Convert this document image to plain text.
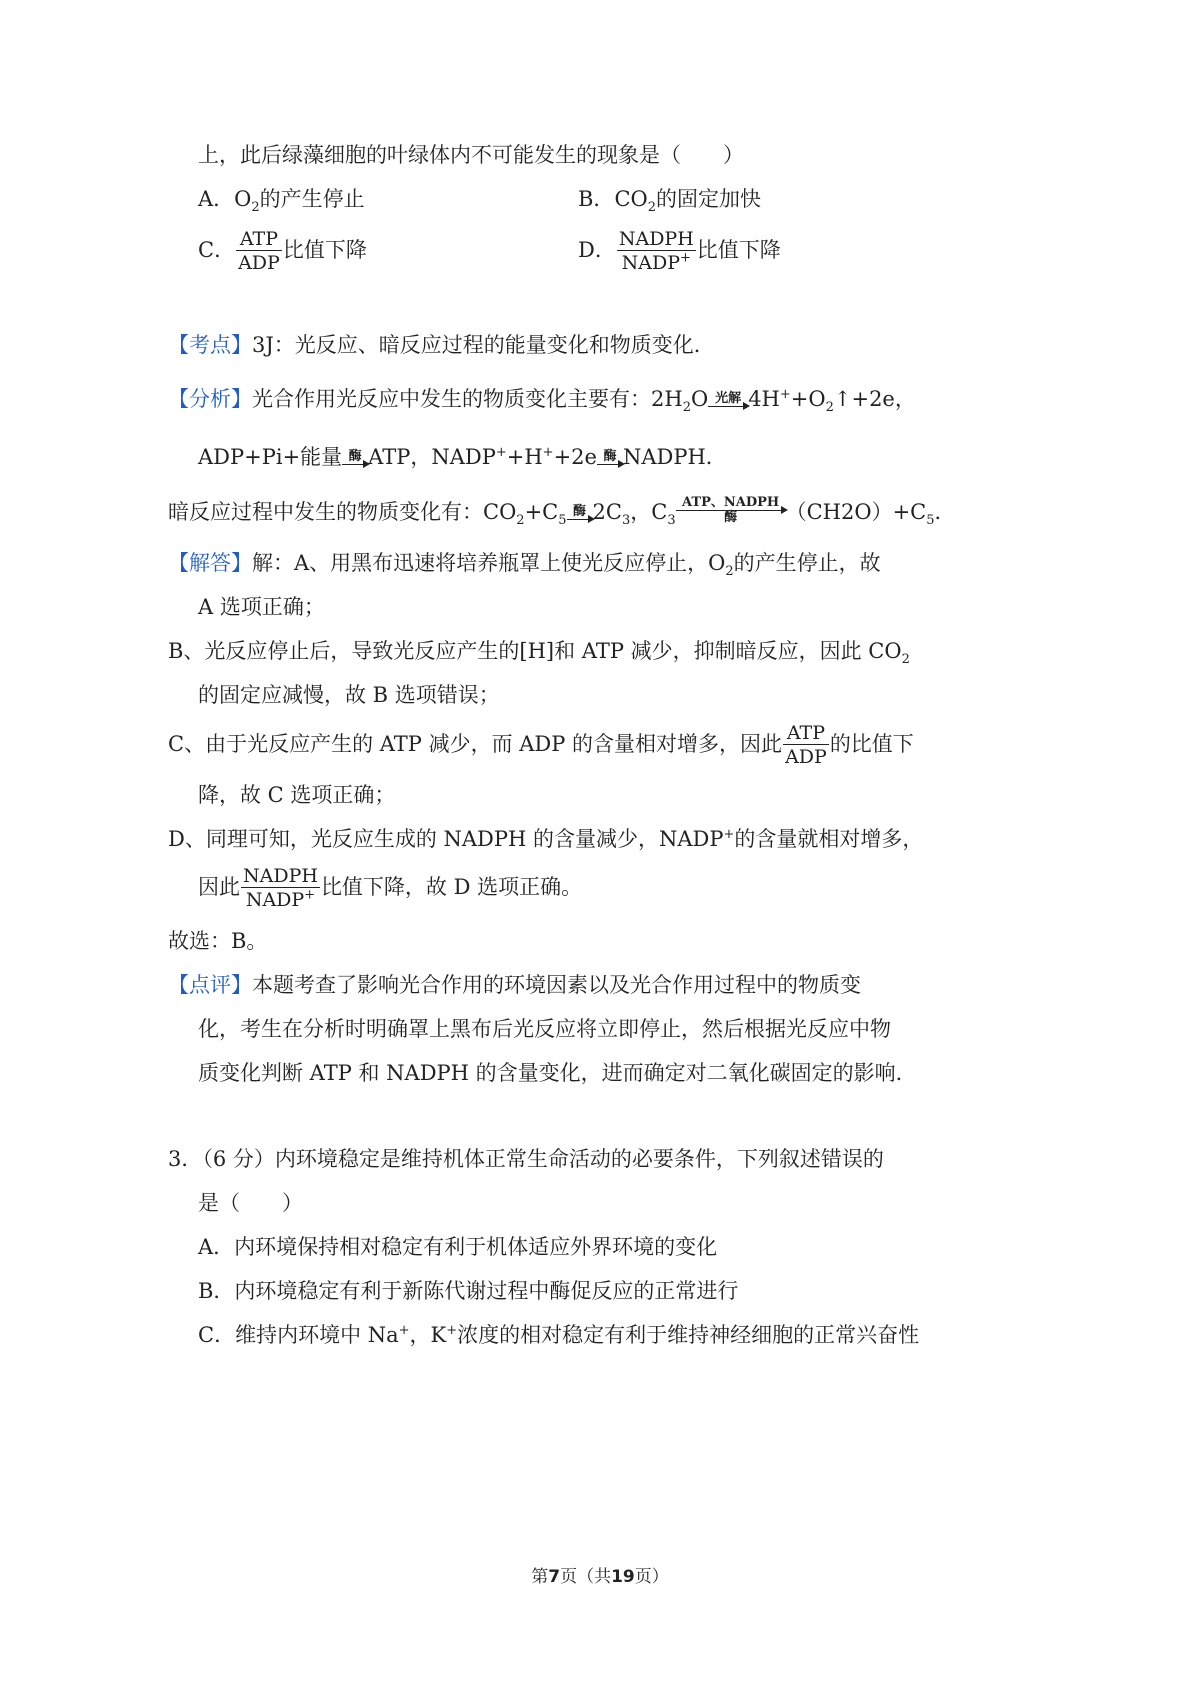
上，此后绿藻细胞的叶绿体内不可能发生的现象是（　　）
A．$O_2$的产生停止	B．$CO_2$的固定加快
C． $\frac{\text{ATP}}{\text{ADP}}$ 比值下降	D． $\frac{\text{NADPH}}{NADP^+}$ 比值下降
【考点】3J：光反应、暗反应过程的能量变化和物质变化．
【分析】光合作用光反应中发生的物质变化主要有：$2H_2O$ 光解 $4H^++O_2↑+2e$，
ADP+Pi+能量 酶 ATP，NADP++H++2e 酶 NADPH．
暗反应过程中发生的物质变化有：$CO_2+C_5$
酶 $2C_3$，$C_3$
ATP、NADPH
酶	$(CH2O)+C_5$．
【解答】解：A、用黑布迅速将培养瓶罩上使光反应停止，$O_2$的产生停止，故
A 选项正确；
B、光反应停止后，导致光反应产生的[H]和 ATP 减少，抑制暗反应，因此 $CO_2$
的固定应减慢，故 B 选项错误；
C、由于光反应产生的 ATP 减少，而 ADP 的含量相对增多，因此 $\frac{\text{ATP}}{\text{ADP}}$ 的比值下
降，故 C 选项正确；
D、同理可知，光反应生成的 NADPH 的含量减少，NADP+的含量就相对增多，
因此 $\frac{\text{NADPH}}{NADP^+}$ 比值下降，故 D 选项正确。
故选：B。
【点评】本题考查了影响光合作用的环境因素以及光合作用过程中的物质变
化，考生在分析时明确罩上黑布后光反应将立即停止，然后根据光反应中物
质变化判断 ATP 和 NADPH 的含量变化，进而确定对二氧化碳固定的影响．
3．（6 分）内环境稳定是维持机体正常生命活动的必要条件，下列叙述错误的
是（　　）
A．内环境保持相对稳定有利于机体适应外界环境的变化
B．内环境稳定有利于新陈代谢过程中酶促反应的正常进行
C．维持内环境中 Na+，K+浓度的相对稳定有利于维持神经细胞的正常兴奋性
第7页（共19页）
